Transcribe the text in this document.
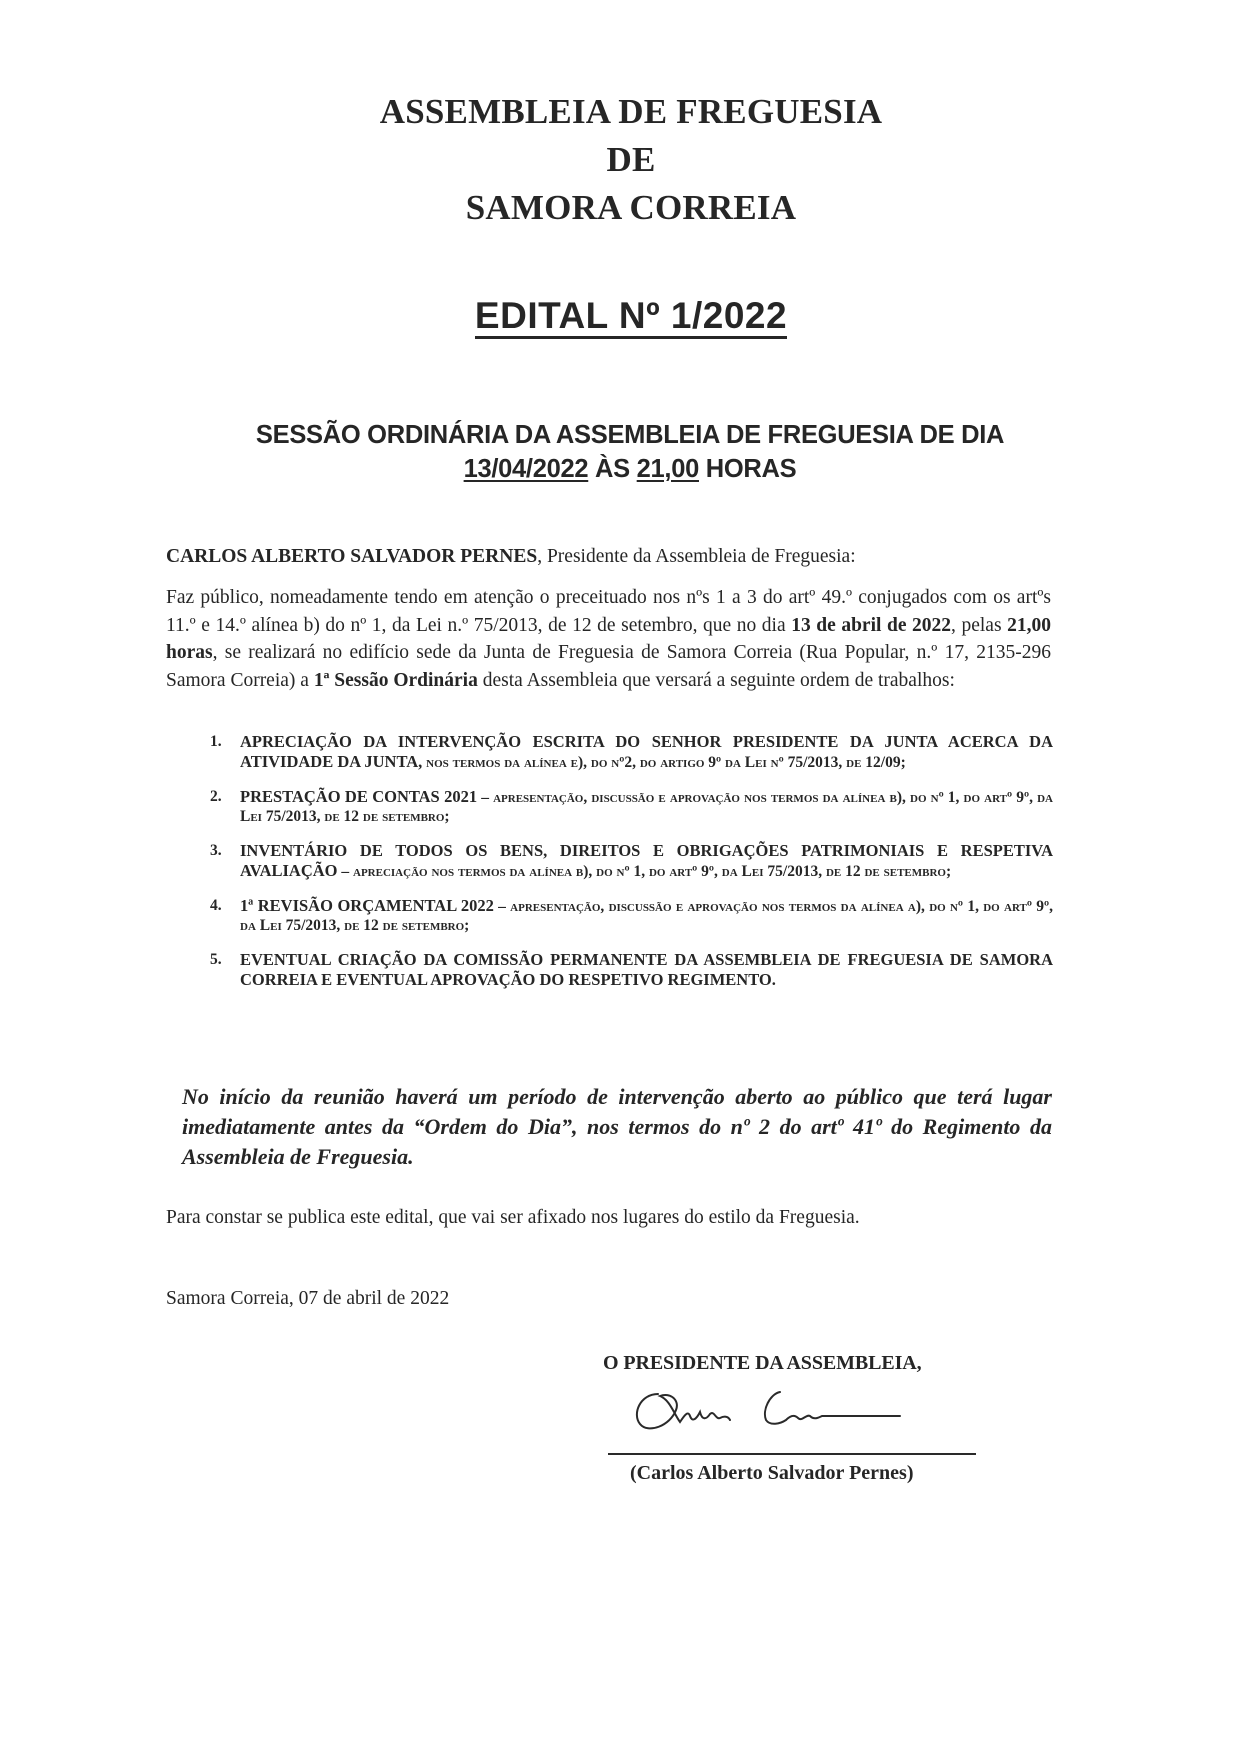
ASSEMBLEIA DE FREGUESIA
DE
SAMORA CORREIA
EDITAL Nº 1/2022
SESSÃO ORDINÁRIA DA ASSEMBLEIA DE FREGUESIA DE DIA
13/04/2022 ÀS 21,00 HORAS
CARLOS ALBERTO SALVADOR PERNES, Presidente da Assembleia de Freguesia:
Faz público, nomeadamente tendo em atenção o preceituado nos nºs 1 a 3 do artº 49.º conjugados com os artºs 11.º e 14.º alínea b) do nº 1, da Lei n.º 75/2013, de 12 de setembro, que no dia 13 de abril de 2022, pelas 21,00 horas, se realizará no edifício sede da Junta de Freguesia de Samora Correia (Rua Popular, n.º 17, 2135-296 Samora Correia) a 1ª Sessão Ordinária desta Assembleia que versará a seguinte ordem de trabalhos:
1. APRECIAÇÃO DA INTERVENÇÃO ESCRITA DO SENHOR PRESIDENTE DA JUNTA ACERCA DA ATIVIDADE DA JUNTA, nos termos da alínea e), do nº2, do artigo 9º da Lei nº 75/2013, de 12/09;
2. PRESTAÇÃO DE CONTAS 2021 – apresentação, discussão e aprovação nos termos da alínea b), do nº 1, do artº 9º, da Lei 75/2013, de 12 de setembro;
3. INVENTÁRIO DE TODOS OS BENS, DIREITOS E OBRIGAÇÕES PATRIMONIAIS E RESPETIVA AVALIAÇÃO – apreciação nos termos da alínea b), do nº 1, do artº 9º, da Lei 75/2013, de 12 de setembro;
4. 1ª REVISÃO ORÇAMENTAL 2022 – apresentação, discussão e aprovação nos termos da alínea a), do nº 1, do artº 9º, da Lei 75/2013, de 12 de setembro;
5. EVENTUAL CRIAÇÃO DA COMISSÃO PERMANENTE DA ASSEMBLEIA DE FREGUESIA DE SAMORA CORREIA E EVENTUAL APROVAÇÃO DO RESPETIVO REGIMENTO.
No início da reunião haverá um período de intervenção aberto ao público que terá lugar imediatamente antes da “Ordem do Dia”, nos termos do nº 2 do artº 41º do Regimento da Assembleia de Freguesia.
Para constar se publica este edital, que vai ser afixado nos lugares do estilo da Freguesia.
Samora Correia, 07 de abril de 2022
O PRESIDENTE DA ASSEMBLEIA,
(Carlos Alberto Salvador Pernes)
